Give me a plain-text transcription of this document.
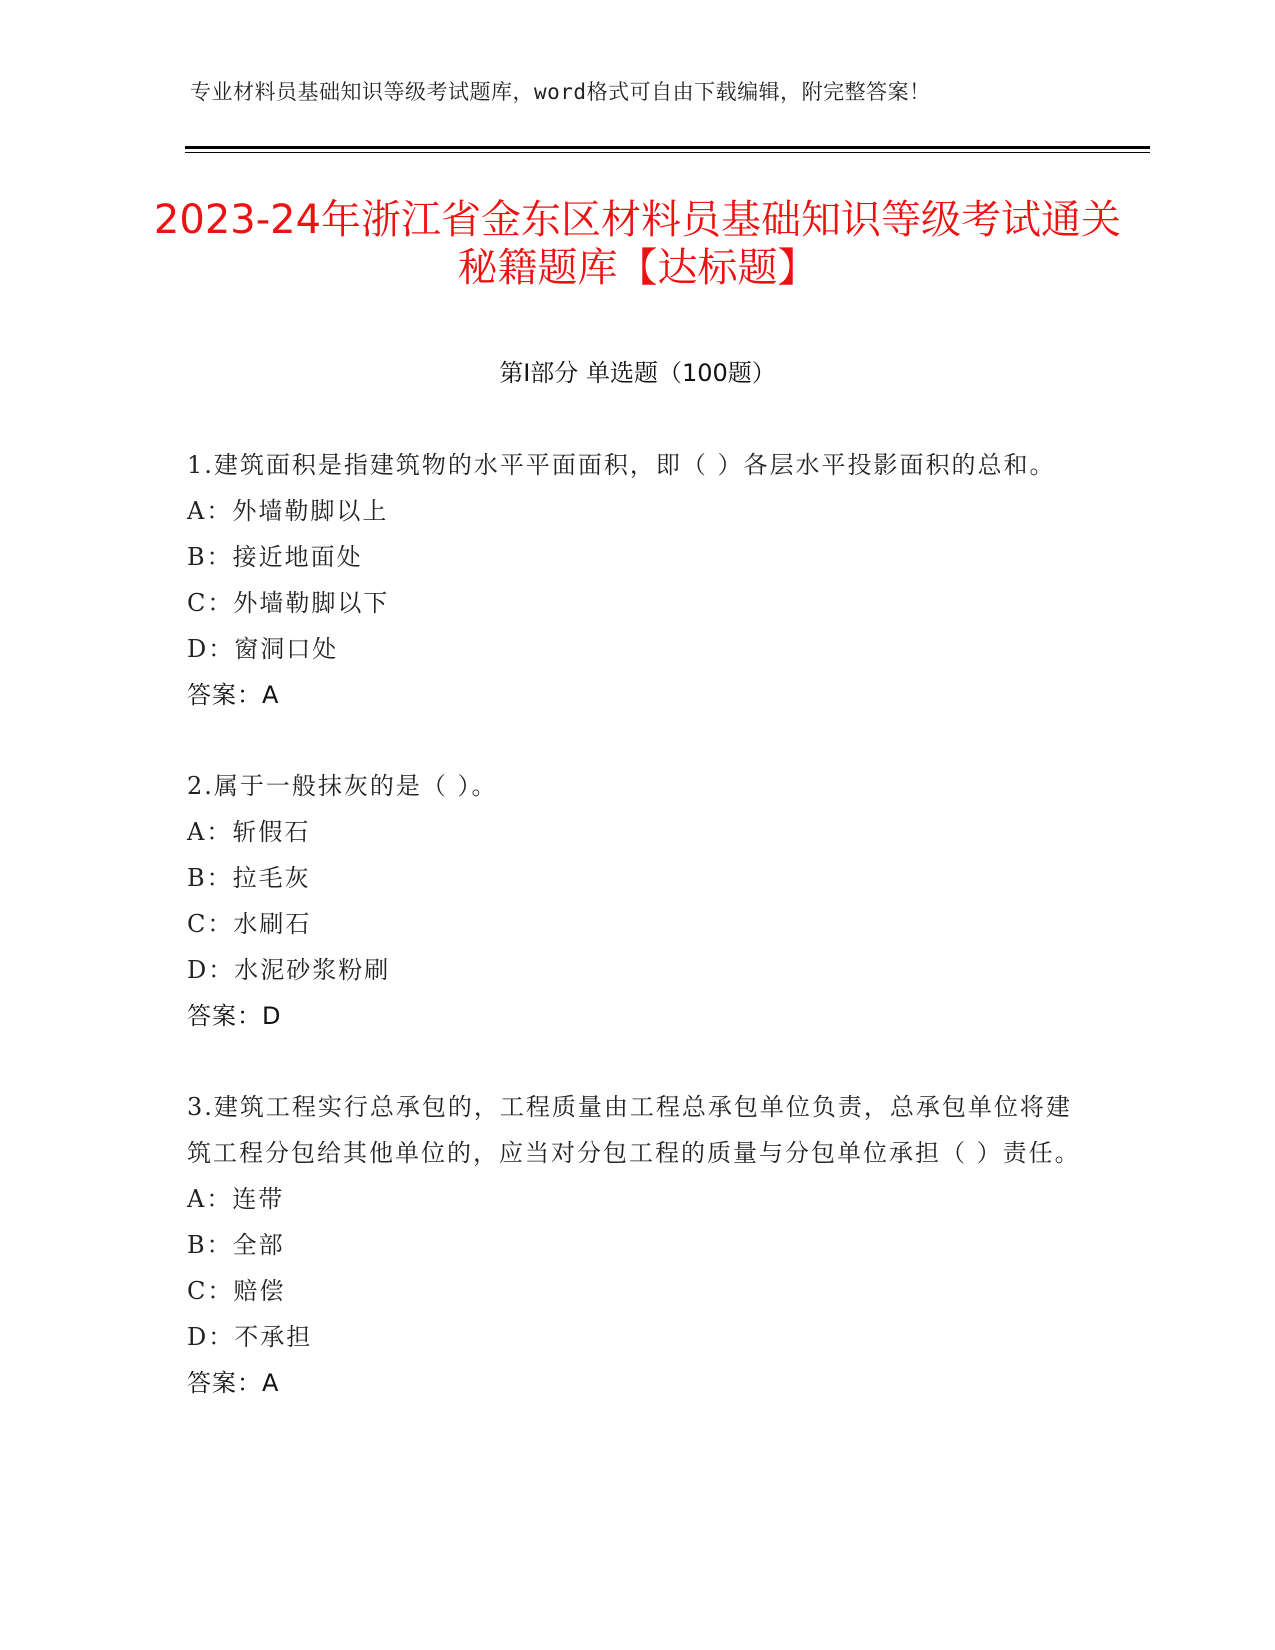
专业材料员基础知识等级考试题库，word格式可自由下载编辑，附完整答案！
2023-24年浙江省金东区材料员基础知识等级考试通关秘籍题库【达标题】
第Ⅰ部分 单选题（100题）

1.建筑面积是指建筑物的水平平面面积，即（ ）各层水平投影面积的总和。

A：外墙勒脚以上

B：接近地面处

C：外墙勒脚以下

D：窗洞口处

答案：A

2.属于一般抹灰的是（ ）。

A：斩假石

B：拉毛灰

C：水刷石

D：水泥砂浆粉刷

答案：D

3.建筑工程实行总承包的，工程质量由工程总承包单位负责，总承包单位将建筑工程分包给其他单位的，应当对分包工程的质量与分包单位承担（ ）责任。

A：连带

B：全部

C：赔偿

D：不承担

答案：A
